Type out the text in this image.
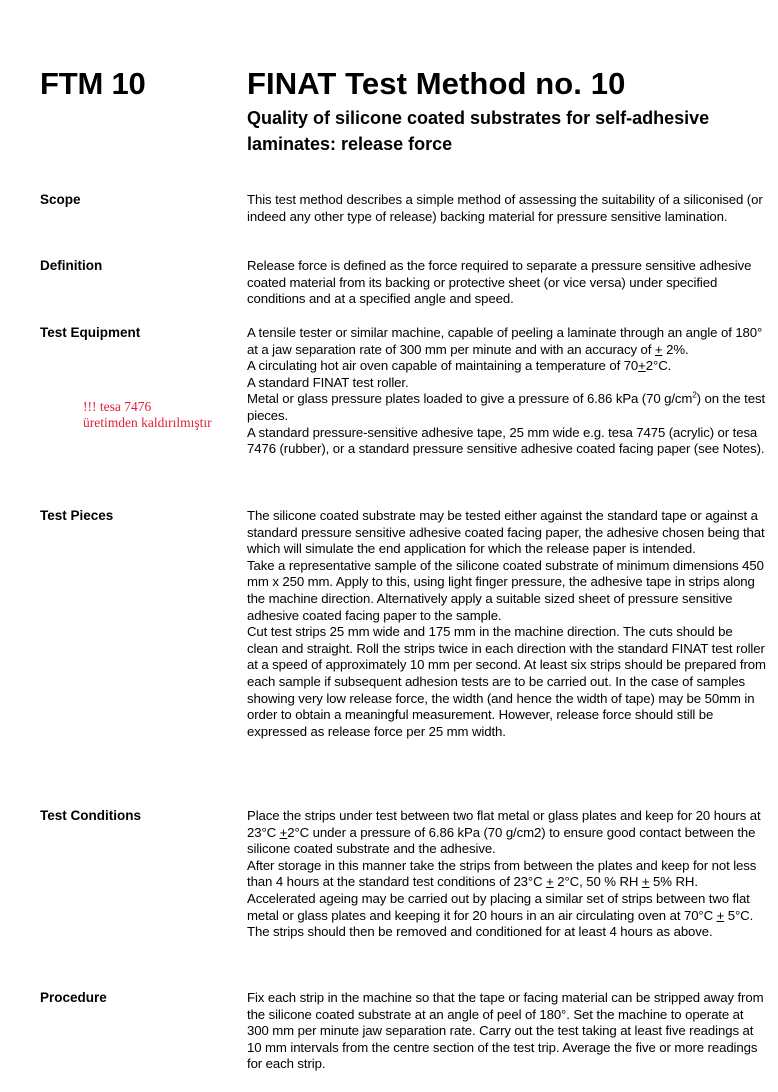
FTM 10	FINAT Test Method no. 10
Quality of silicone coated substrates for self-adhesive laminates: release force
Scope	This test method describes a simple method of assessing the suitability of a siliconised (or indeed any other type of release) backing material for pressure sensitive lamination.

Definition	Release force is defined as the force required to separate a pressure sensitive adhesive coated material from its backing or protective sheet (or vice versa) under specified conditions and at a specified angle and speed.

Test Equipment	A tensile tester or similar machine, capable of peeling a laminate through an angle of 180° at a jaw separation rate of 300 mm per minute and with an accuracy of + 2%.

A circulating hot air oven capable of maintaining a temperature of 70+2°C.

A standard FINAT test roller.

Metal or glass pressure plates loaded to give a pressure of 6.86 kPa (70 $g/cm^2$) on the test pieces.

A standard pressure-sensitive adhesive tape, 25 mm wide e.g. tesa 7475 (acrylic) or tesa 7476 (rubber), or a standard pressure sensitive adhesive coated facing paper (see Notes).

!!! tesa 7476
üretimden kaldırılmıştır
Test Pieces	The silicone coated substrate may be tested either against the standard tape or against a standard pressure sensitive adhesive coated facing paper, the adhesive chosen being that which will simulate the end application for which the release paper is intended.

Take a representative sample of the silicone coated substrate of minimum dimensions 450 mm x 250 mm. Apply to this, using light finger pressure, the adhesive tape in strips along the machine direction. Alternatively apply a suitable sized sheet of pressure sensitive adhesive coated facing paper to the sample.

Cut test strips 25 mm wide and 175 mm in the machine direction. The cuts should be clean and straight. Roll the strips twice in each direction with the standard FINAT test roller at a speed of approximately 10 mm per second. At least six strips should be prepared from each sample if subsequent adhesion tests are to be carried out. In the case of samples showing very low release force, the width (and hence the width of tape) may be 50mm in order to obtain a meaningful measurement. However, release force should still be expressed as release force per 25 mm width.

Test Conditions	Place the strips under test between two flat metal or glass plates and keep for 20 hours at 23°C +2°C under a pressure of 6.86 kPa (70 g/cm2) to ensure good contact between the silicone coated substrate and the adhesive.

After storage in this manner take the strips from between the plates and keep for not less than 4 hours at the standard test conditions of 23°C + 2°C, 50 % RH + 5% RH.

Accelerated ageing may be carried out by placing a similar set of strips between two flat metal or glass plates and keeping it for 20 hours in an air circulating oven at 70°C + 5°C. The strips should then be removed and conditioned for at least 4 hours as above.

Procedure	Fix each strip in the machine so that the tape or facing material can be stripped away from the silicone coated substrate at an angle of peel of 180°. Set the machine to operate at 300 mm per minute jaw separation rate. Carry out the test taking at least five readings at 10 mm intervals from the centre section of the test trip. Average the five or more readings for each strip.
